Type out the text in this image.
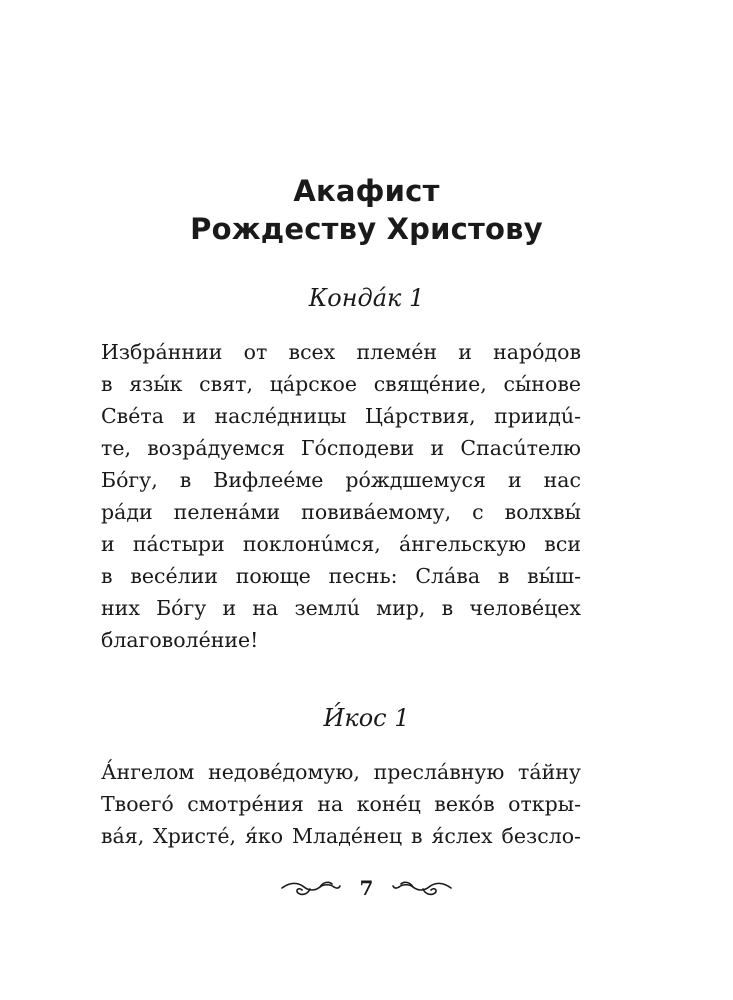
Акафист
Рождеству Христову
Конда́к 1

Избра́ннии от всех племе́н и наро́дов
в язы́к свят, ца́рское свяще́ние, сы́нове
Све́та и насле́дницы Ца́рствия, приидú-
те, возра́дуемся Го́сподеви и Спасúтелю
Бо́гу, в Вифлее́ме ро́ждшемуся и нас
ра́ди пелена́ми повива́емому, с волхвы́
и па́стыри поклонúмся, а́нгельскую вси
в весе́лии поюще песнь: Сла́ва в вы́ш-
них Бо́гу и на землú мир, в челове́цех
благоволе́ние!

И́кос 1

А́нгелом недове́домую, пресла́вную та́йну
Твоего́ смотре́ния на коне́ц веко́в откры-
ва́я, Христе́, я́ко Младе́нец в я́слех безсло-

7
